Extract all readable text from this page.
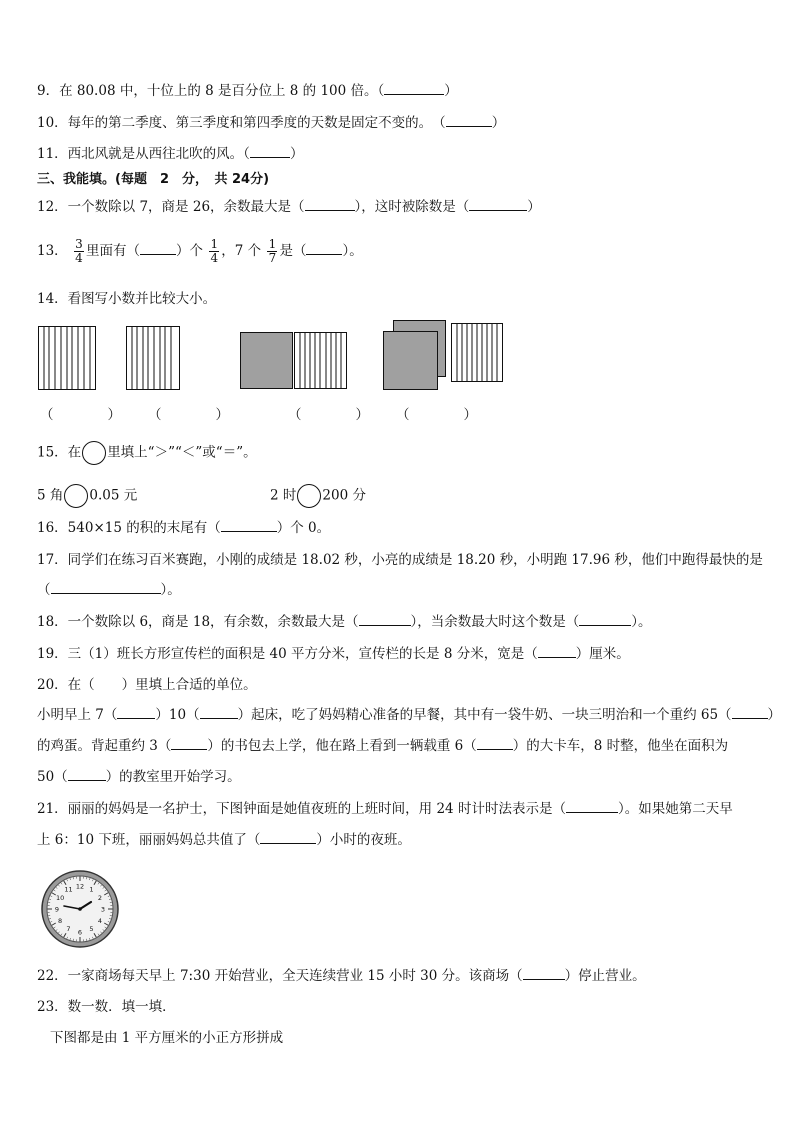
9．在 80.08 中，十位上的 8 是百分位上 8 的 100 倍。（	）
10．每年的第二季度、第三季度和第四季度的天数是固定不变的。　（	）
11．西北风就是从西往北吹的风。（	）
三、我能填。(每题　2　分，　共 24分)
12．一个数除以 7，商是 26，余数最大是（	），这时被除数是（	）
13． $\frac{3}{4}$ 里面有（	）个 $\frac{1}{4}$ ，7 个 $\frac{1}{7}$ 是（	）。
14．看图写小数并比较大小。
（　　　　）　　　（　　　　）	（　　　　）　　　（　　　　）
15．在 里填上“＞”“＜”或“＝”。
5 角 0.05 元	2 时 200 分
16．540×15 的积的末尾有（	）个 0。
17．同学们在练习百米赛跑，小刚的成绩是 18.02 秒，小亮的成绩是 18.20 秒，小明跑 17.96 秒，他们中跑得最快的是
（	）。
18．一个数除以 6，商是 18，有余数，余数最大是（	），当余数最大时这个数是（	）。
19．三（1）班长方形宣传栏的面积是 40 平方分米，宣传栏的长是 8 分米，宽是（	）厘米。
20．在（　　）里填上合适的单位。
小明早上 7（	）10（	）起床，吃了妈妈精心准备的早餐，其中有一袋牛奶、一块三明治和一个重约 65（	）
的鸡蛋。背起重约 3（	）的书包去上学，他在路上看到一辆载重 6（	）的大卡车，8 时整，他坐在面积为
50（	）的教室里开始学习。
21．丽丽的妈妈是一名护士，下图钟面是她值夜班的上班时间，用 24 时计时法表示是（	）。如果她第二天早
上 6：10 下班，丽丽妈妈总共值了（	）小时的夜班。
12 1
2
3
4
5
6
7
8
9
10
11
22．一家商场每天早上 7:30 开始营业，全天连续营业 15 小时 30 分。该商场（	）停止营业。
23．数一数．填一填．
下图都是由 1 平方厘米的小正方形拼成
